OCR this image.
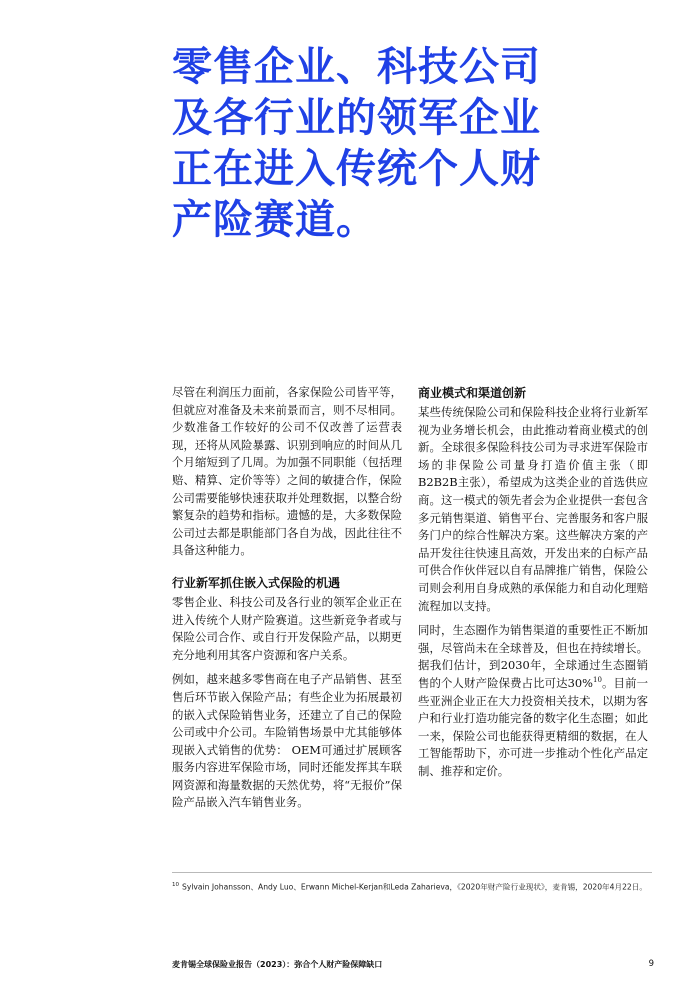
零售企业、科技公司及各行业的领军企业正在进入传统个人财产险赛道。

尽管在利润压力面前，各家保险公司皆平等，但就应对准备及未来前景而言，则不尽相同。少数准备工作较好的公司不仅改善了运营表现，还将从风险暴露、识别到响应的时间从几个月缩短到了几周。为加强不同职能（包括理赔、精算、定价等等）之间的敏捷合作，保险公司需要能够快速获取并处理数据，以整合纷繁复杂的趋势和指标。遗憾的是，大多数保险公司过去都是职能部门各自为战，因此往往不具备这种能力。

行业新军抓住嵌入式保险的机遇

零售企业、科技公司及各行业的领军企业正在进入传统个人财产险赛道。这些新竞争者或与保险公司合作、或自行开发保险产品，以期更充分地利用其客户资源和客户关系。

例如，越来越多零售商在电子产品销售、甚至售后环节嵌入保险产品；有些企业为拓展最初的嵌入式保险销售业务，还建立了自己的保险公司或中介公司。车险销售场景中尤其能够体现嵌入式销售的优势： OEM可通过扩展顾客服务内容进军保险市场，同时还能发挥其车联网资源和海量数据的天然优势，将“无报价”保险产品嵌入汽车销售业务。

商业模式和渠道创新

某些传统保险公司和保险科技企业将行业新军视为业务增长机会，由此推动着商业模式的创新。全球很多保险科技公司为寻求进军保险市场的非保险公司量身打造价值主张（即B2B2B主张），希望成为这类企业的首选供应商。这一模式的领先者会为企业提供一套包含多元销售渠道、销售平台、完善服务和客户服务门户的综合性解决方案。这些解决方案的产品开发往往快速且高效，开发出来的白标产品可供合作伙伴冠以自有品牌推广销售，保险公司则会利用自身成熟的承保能力和自动化理赔流程加以支持。

同时，生态圈作为销售渠道的重要性正不断加强，尽管尚未在全球普及，但也在持续增长。据我们估计，到2030年，全球通过生态圈销售的个人财产险保费占比可达30%$^{10}$。目前一些亚洲企业正在大力投资相关技术，以期为客户和行业打造功能完备的数字化生态圈；如此一来，保险公司也能获得更精细的数据，在人工智能帮助下，亦可进一步推动个性化产品定制、推荐和定价。

$^{10}$ Sylvain Johansson、Andy Luo、Erwann Michel-Kerjan和Leda Zaharieva，《2020年财产险行业现状》，麦肯锡，2020年4月22日。
麦肯锡全球保险业报告（2023）：弥合个人财产险保障缺口	9
